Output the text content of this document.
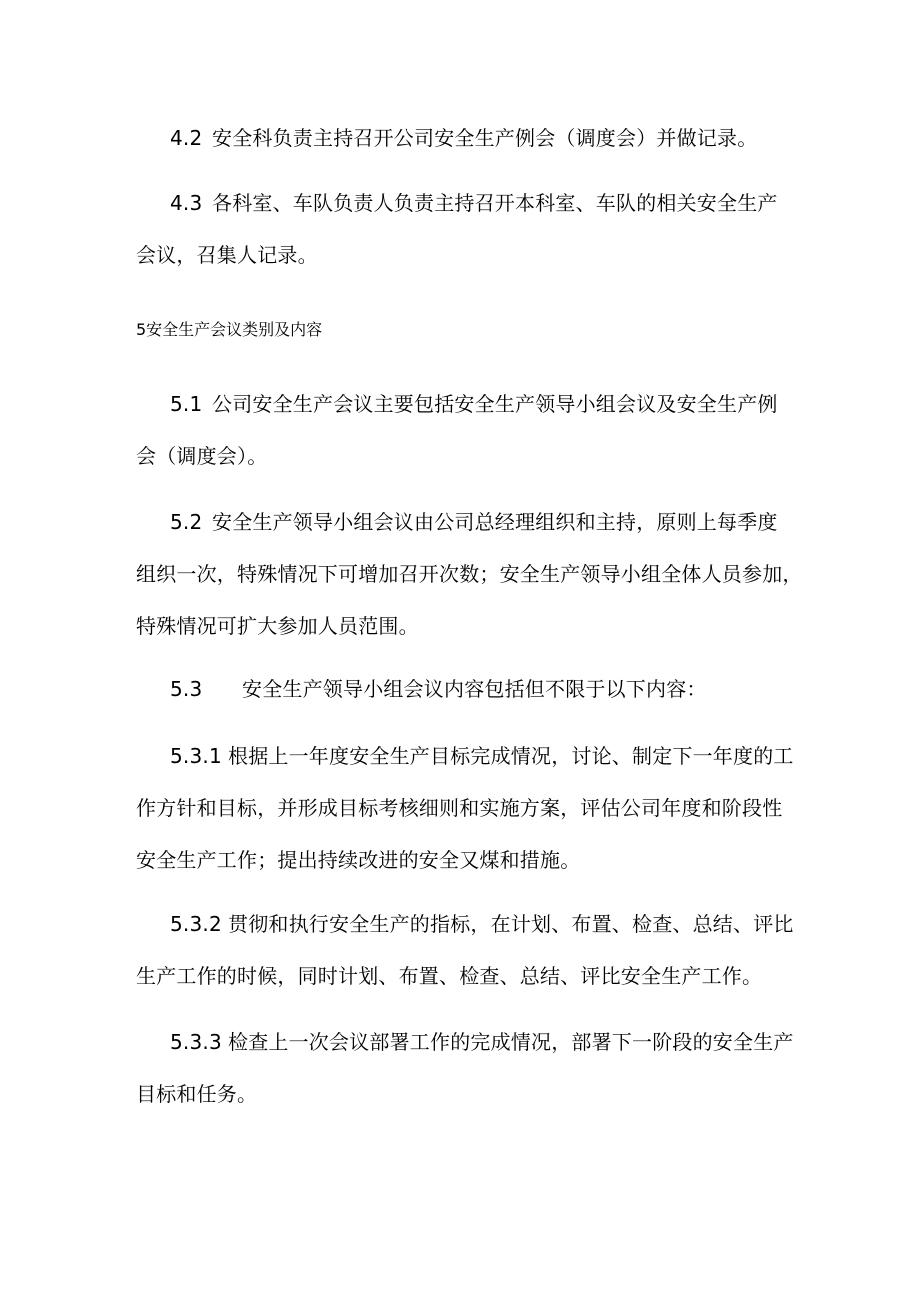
4.2 安全科负责主持召开公司安全生产例会（调度会）并做记录。
4.3 各科室、车队负责人负责主持召开本科室、车队的相关安全生产
会议，召集人记录。
5安全生产会议类别及内容
5.1 公司安全生产会议主要包括安全生产领导小组会议及安全生产例
会（调度会）。
5.2 安全生产领导小组会议由公司总经理组织和主持，原则上每季度
组织一次，特殊情况下可增加召开次数；安全生产领导小组全体人员参加，
特殊情况可扩大参加人员范围。
5.3 安全生产领导小组会议内容包括但不限于以下内容：
5.3.1 根据上一年度安全生产目标完成情况，讨论、制定下一年度的工
作方针和目标，并形成目标考核细则和实施方案，评估公司年度和阶段性
安全生产工作；提出持续改进的安全又煤和措施。
5.3.2 贯彻和执行安全生产的指标，在计划、布置、检查、总结、评比
生产工作的时候，同时计划、布置、检查、总结、评比安全生产工作。
5.3.3 检查上一次会议部署工作的完成情况，部署下一阶段的安全生产
目标和任务。
